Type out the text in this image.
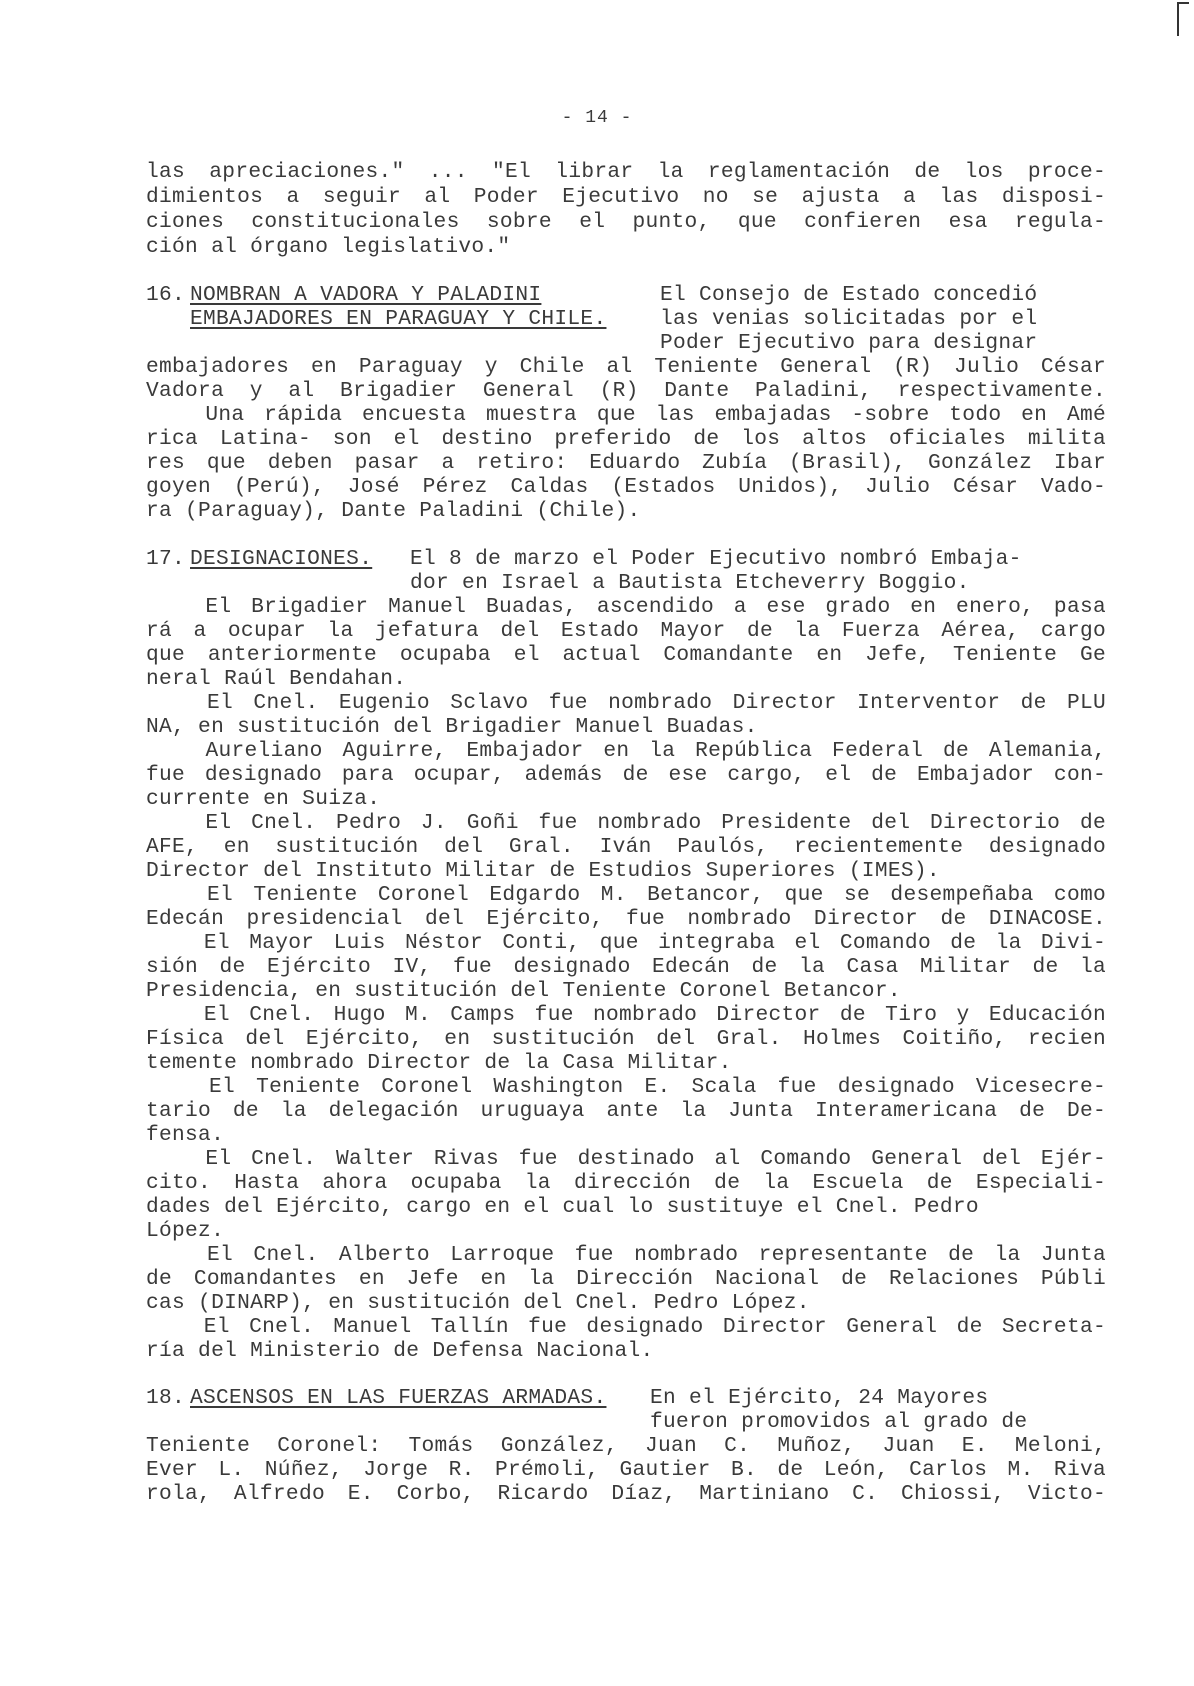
- 14 -
las apreciaciones." ... "El librar la reglamentación de los proce-
dimientos a seguir al Poder Ejecutivo no se ajusta a las disposi-
ciones constitucionales sobre el punto, que confieren esa regula-
ción al órgano legislativo."
16. NOMBRAN A VADORA Y PALADINI
EMBAJADORES EN PARAGUAY Y CHILE.
El Consejo de Estado concedió
las venias solicitadas por el
Poder Ejecutivo para designar
embajadores en Paraguay y Chile al Teniente General (R) Julio César
Vadora y al Brigadier General (R) Dante Paladini, respectivamente.
Una rápida encuesta muestra que las embajadas -sobre todo en Amé
rica Latina- son el destino preferido de los altos oficiales milita
res que deben pasar a retiro: Eduardo Zubía (Brasil), González Ibar
goyen (Perú), José Pérez Caldas (Estados Unidos), Julio César Vado-
ra (Paraguay), Dante Paladini (Chile).
17. DESIGNACIONES. El 8 de marzo el Poder Ejecutivo nombró Embaja-
dor en Israel a Bautista Etcheverry Boggio.
El Brigadier Manuel Buadas, ascendido a ese grado en enero, pasa
rá a ocupar la jefatura del Estado Mayor de la Fuerza Aérea, cargo
que anteriormente ocupaba el actual Comandante en Jefe, Teniente Ge
neral Raúl Bendahan.
El Cnel. Eugenio Sclavo fue nombrado Director Interventor de PLU
NA, en sustitución del Brigadier Manuel Buadas.
Aureliano Aguirre, Embajador en la República Federal de Alemania,
fue designado para ocupar, además de ese cargo, el de Embajador con-
currente en Suiza.
El Cnel. Pedro J. Goñi fue nombrado Presidente del Directorio de
AFE, en sustitución del Gral. Iván Paulós, recientemente designado
Director del Instituto Militar de Estudios Superiores (IMES).
El Teniente Coronel Edgardo M. Betancor, que se desempeñaba como
Edecán presidencial del Ejército, fue nombrado Director de DINACOSE.
El Mayor Luis Néstor Conti, que integraba el Comando de la Divi-
sión de Ejército IV, fue designado Edecán de la Casa Militar de la
Presidencia, en sustitución del Teniente Coronel Betancor.
El Cnel. Hugo M. Camps fue nombrado Director de Tiro y Educación
Física del Ejército, en sustitución del Gral. Holmes Coitiño, recien
temente nombrado Director de la Casa Militar.
El Teniente Coronel Washington E. Scala fue designado Vicesecre-
tario de la delegación uruguaya ante la Junta Interamericana de De-
fensa.
El Cnel. Walter Rivas fue destinado al Comando General del Ejér-
cito. Hasta ahora ocupaba la dirección de la Escuela de Especiali-
dades del Ejército, cargo en el cual lo sustituye el Cnel. Pedro
López.
El Cnel. Alberto Larroque fue nombrado representante de la Junta
de Comandantes en Jefe en la Dirección Nacional de Relaciones Públi
cas (DINARP), en sustitución del Cnel. Pedro López.
El Cnel. Manuel Tallín fue designado Director General de Secreta-
ría del Ministerio de Defensa Nacional.
18. ASCENSOS EN LAS FUERZAS ARMADAS. En el Ejército, 24 Mayores
fueron promovidos al grado de
Teniente Coronel: Tomás González, Juan C. Muñoz, Juan E. Meloni,
Ever L. Núñez, Jorge R. Prémoli, Gautier B. de León, Carlos M. Riva
rola, Alfredo E. Corbo, Ricardo Díaz, Martiniano C. Chiossi, Victo-
